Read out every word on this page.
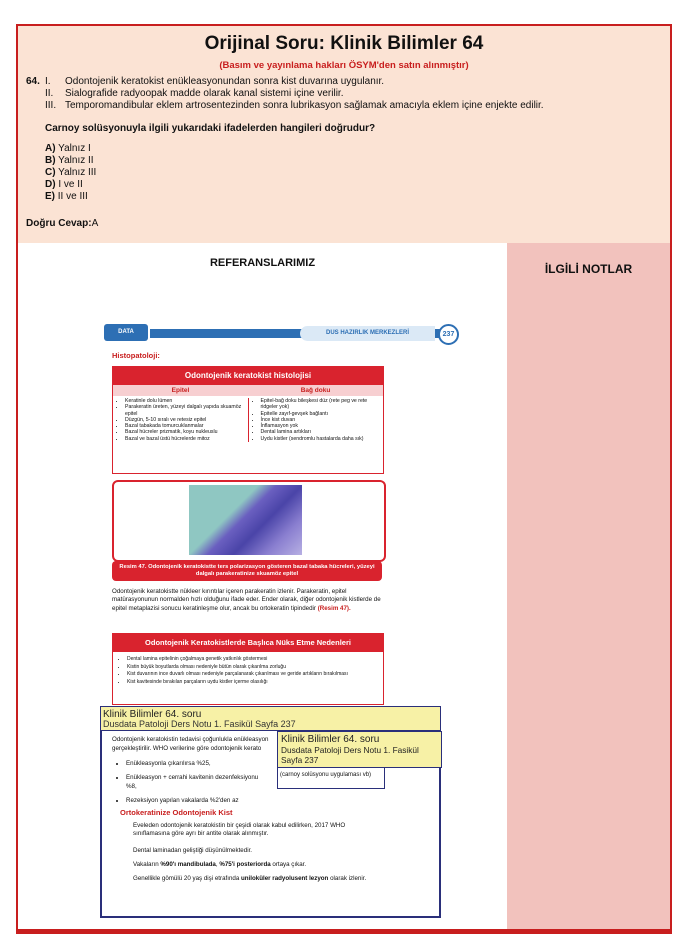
Orijinal Soru: Klinik Bilimler 64
(Basım ve yayınlama hakları ÖSYM'den satın alınmıştır)
64. I. Odontojenik keratokist enükleasyonundan sonra kist duvarına uygulanır.
II. Sialografide radyoopak madde olarak kanal sistemi içine verilir.
III. Temporomandibular eklem artrosentezinden sonra lubrikasyon sağlamak amacıyla eklem içine enjekte edilir.
Carnoy solüsyonuyla ilgili yukarıdaki ifadelerden hangileri doğrudur?
A) Yalnız I
B) Yalnız II
C) Yalnız III
D) I ve II
E) II ve III
Doğru Cevap:A
REFERANSLARIMIZ	İLGİLİ NOTLAR
DATA	DUS HAZIRLIK MERKEZLERİ	237
Histopatoloji:
Odontojenik keratokist histolojisi
Epitel	Bağ doku
• Keratinle dolu lümen
• Parakeratin üreten, yüzeyi dalgalı yapıda skuamöz epitel
• Düzgün, 5-10 sıralı ve retesiz epitel
• Bazal tabakada tomurcuklanmalar
• Bazal hücreler prizmatik, koyu nukleuslu
• Bazal ve bazal üstü hücrelerde mitoz
• Epitel-bağ doku bileşkesi düz (rete peg ve rete ridgeler yok)
• Epitelle zayıf-gevşek bağlantı
• İnce kist duvarı
• İnflamasyon yok
• Dental lamina artıkları
• Uydu kistler (sendromlu hastalarda daha sık)
Resim 47. Odontojenik keratokistte ters polarizasyon gösteren bazal tabaka hücreleri, yüzeyi dalgalı parakeratinize skuamöz epitel
Odontojenik keratokistte nükleer kırıntılar içeren parakeratin izlenir. Parakeratin, epitel matürasyonunun normalden hızlı olduğunu ifade eder. Ender olarak, diğer odontojenik kistlerde de epitel metaplazisi sonucu keratinleşme olur, ancak bu ortokeratin tipindedir (Resim 47).
Odontojenik Keratokistlerde Başlıca Nüks Etme Nedenleri
• Dental lamina epitelinin çoğalmaya genetik yatkınlık göstermesi
• Kistin büyük boyutlarda olması nedeniyle bütün olarak çıkarılma zorluğu
• Kist duvarının ince duvarlı olması nedeniyle parçalanarak çıkarılması ve geride artıkların bırakılması
• Kist kavitesinde bırakılan parçaların uydu kistler içerme olasılığı
Klinik Bilimler 64. soru
Dusdata Patoloji Ders Notu 1. Fasikül Sayfa 237
Odontojenik keratokistin tedavisi çoğunlukla enükleasyon
gerçekleştirilir. WHO verilerine göre odontojenik kerato
• Enükleasyonla çıkarılırsa %25,
• Enükleasyon + cerrahi kavitenin dezenfeksiyonu
%8,
• Rezeksiyon yapılan vakalarda %2'den az
Klinik Bilimler 64. soru
Dusdata Patoloji Ders Notu 1. Fasikül
Sayfa 237
(carnoy solüsyonu uygulaması vb)
Ortokeratinize Odontojenik Kist
Eveleden odontojenik keratokistin bir çeşidi olarak kabul edilirken, 2017 WHO sınıflamasına göre ayrı bir antite olarak alınmıştır.
Dental laminadan geliştiği düşünülmektedir.
Vakaların %90'ı mandibulada, %75'i posteriorda ortaya çıkar.
Genellikle gömülü 20 yaş dişi etrafında uniloküler radyolusent lezyon olarak izlenir.
